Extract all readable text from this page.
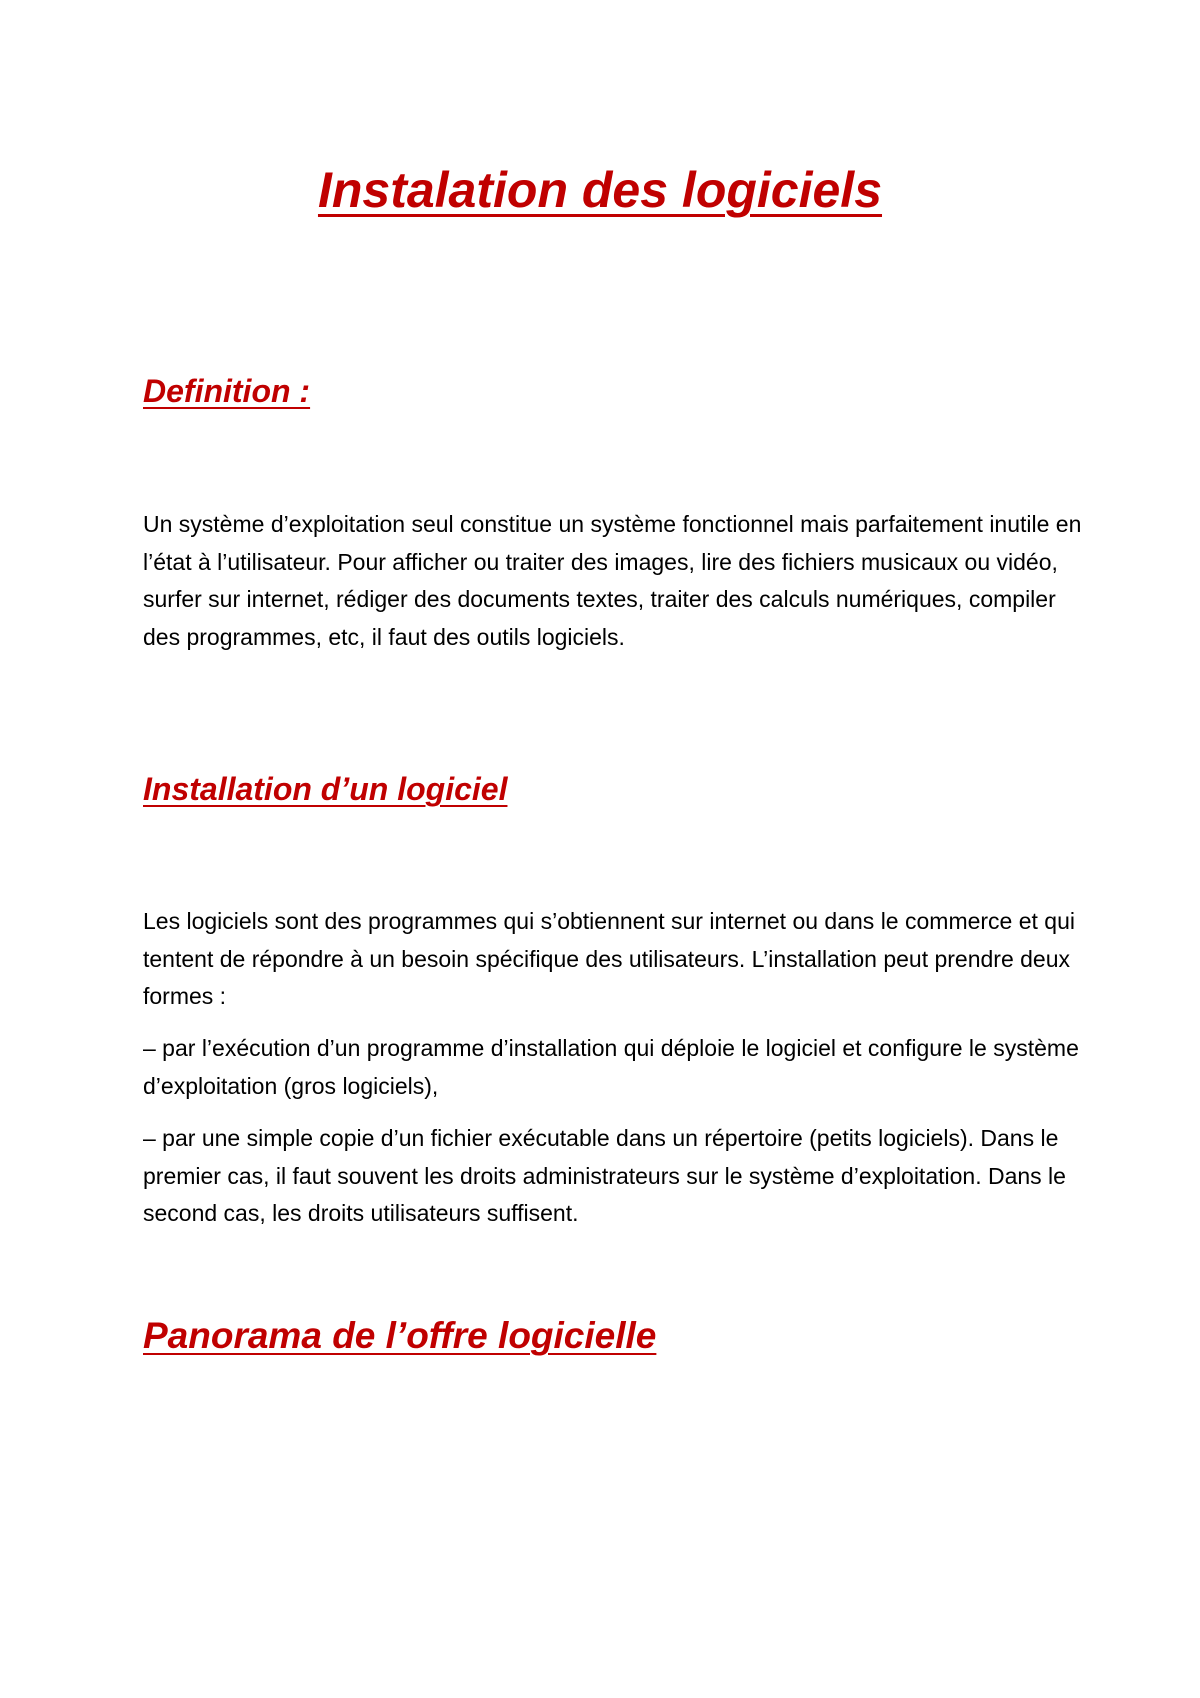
Instalation des logiciels
Definition :

Un système d’exploitation seul constitue un système fonctionnel mais parfaitement inutile en l’état à l’utilisateur. Pour afficher ou traiter des images, lire des fichiers musicaux ou vidéo, surfer sur internet, rédiger des documents textes, traiter des calculs numériques, compiler des programmes, etc, il faut des outils logiciels.

Installation d’un logiciel

Les logiciels sont des programmes qui s’obtiennent sur internet ou dans le commerce et qui tentent de répondre à un besoin spécifique des utilisateurs. L’installation peut prendre deux formes :

– par l’exécution d’un programme d’installation qui déploie le logiciel et configure le système d’exploitation (gros logiciels),

– par une simple copie d’un fichier exécutable dans un répertoire (petits logiciels). Dans le premier cas, il faut souvent les droits administrateurs sur le système d’exploitation. Dans le second cas, les droits utilisateurs suffisent.

Panorama de l’offre logicielle
